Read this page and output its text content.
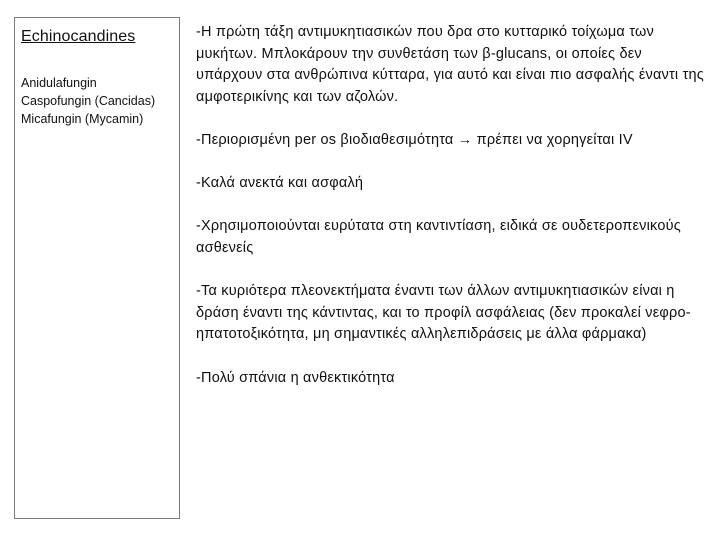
Echinocandines
Anidulafungin
Caspofungin (Cancidas)
Micafungin (Mycamin)

-Η πρώτη τάξη αντιμυκητιασικών που δρα στο κυτταρικό τοίχωμα των μυκήτων. Μπλοκάρουν την συνθετάση των β-glucans, οι οποίες δεν υπάρχουν στα ανθρώπινα κύτταρα, για αυτό και είναι πιο ασφαλής έναντι της αμφοτερικίνης και των αζολών.

-Περιορισμένη per os βιοδιαθεσιμότητα → πρέπει να χορηγείται IV

-Καλά ανεκτά και ασφαλή

-Χρησιμοποιούνται ευρύτατα στη καντιντίαση, ειδικά σε ουδετεροπενικούς ασθενείς

-Τα κυριότερα πλεονεκτήματα έναντι των άλλων αντιμυκητιασικών είναι η δράση έναντι της κάντιντας, και το προφίλ ασφάλειας (δεν προκαλεί νεφρο- ηπατοτοξικότητα, μη σημαντικές αλληλεπιδράσεις με άλλα φάρμακα)

-Πολύ σπάνια η ανθεκτικότητα
